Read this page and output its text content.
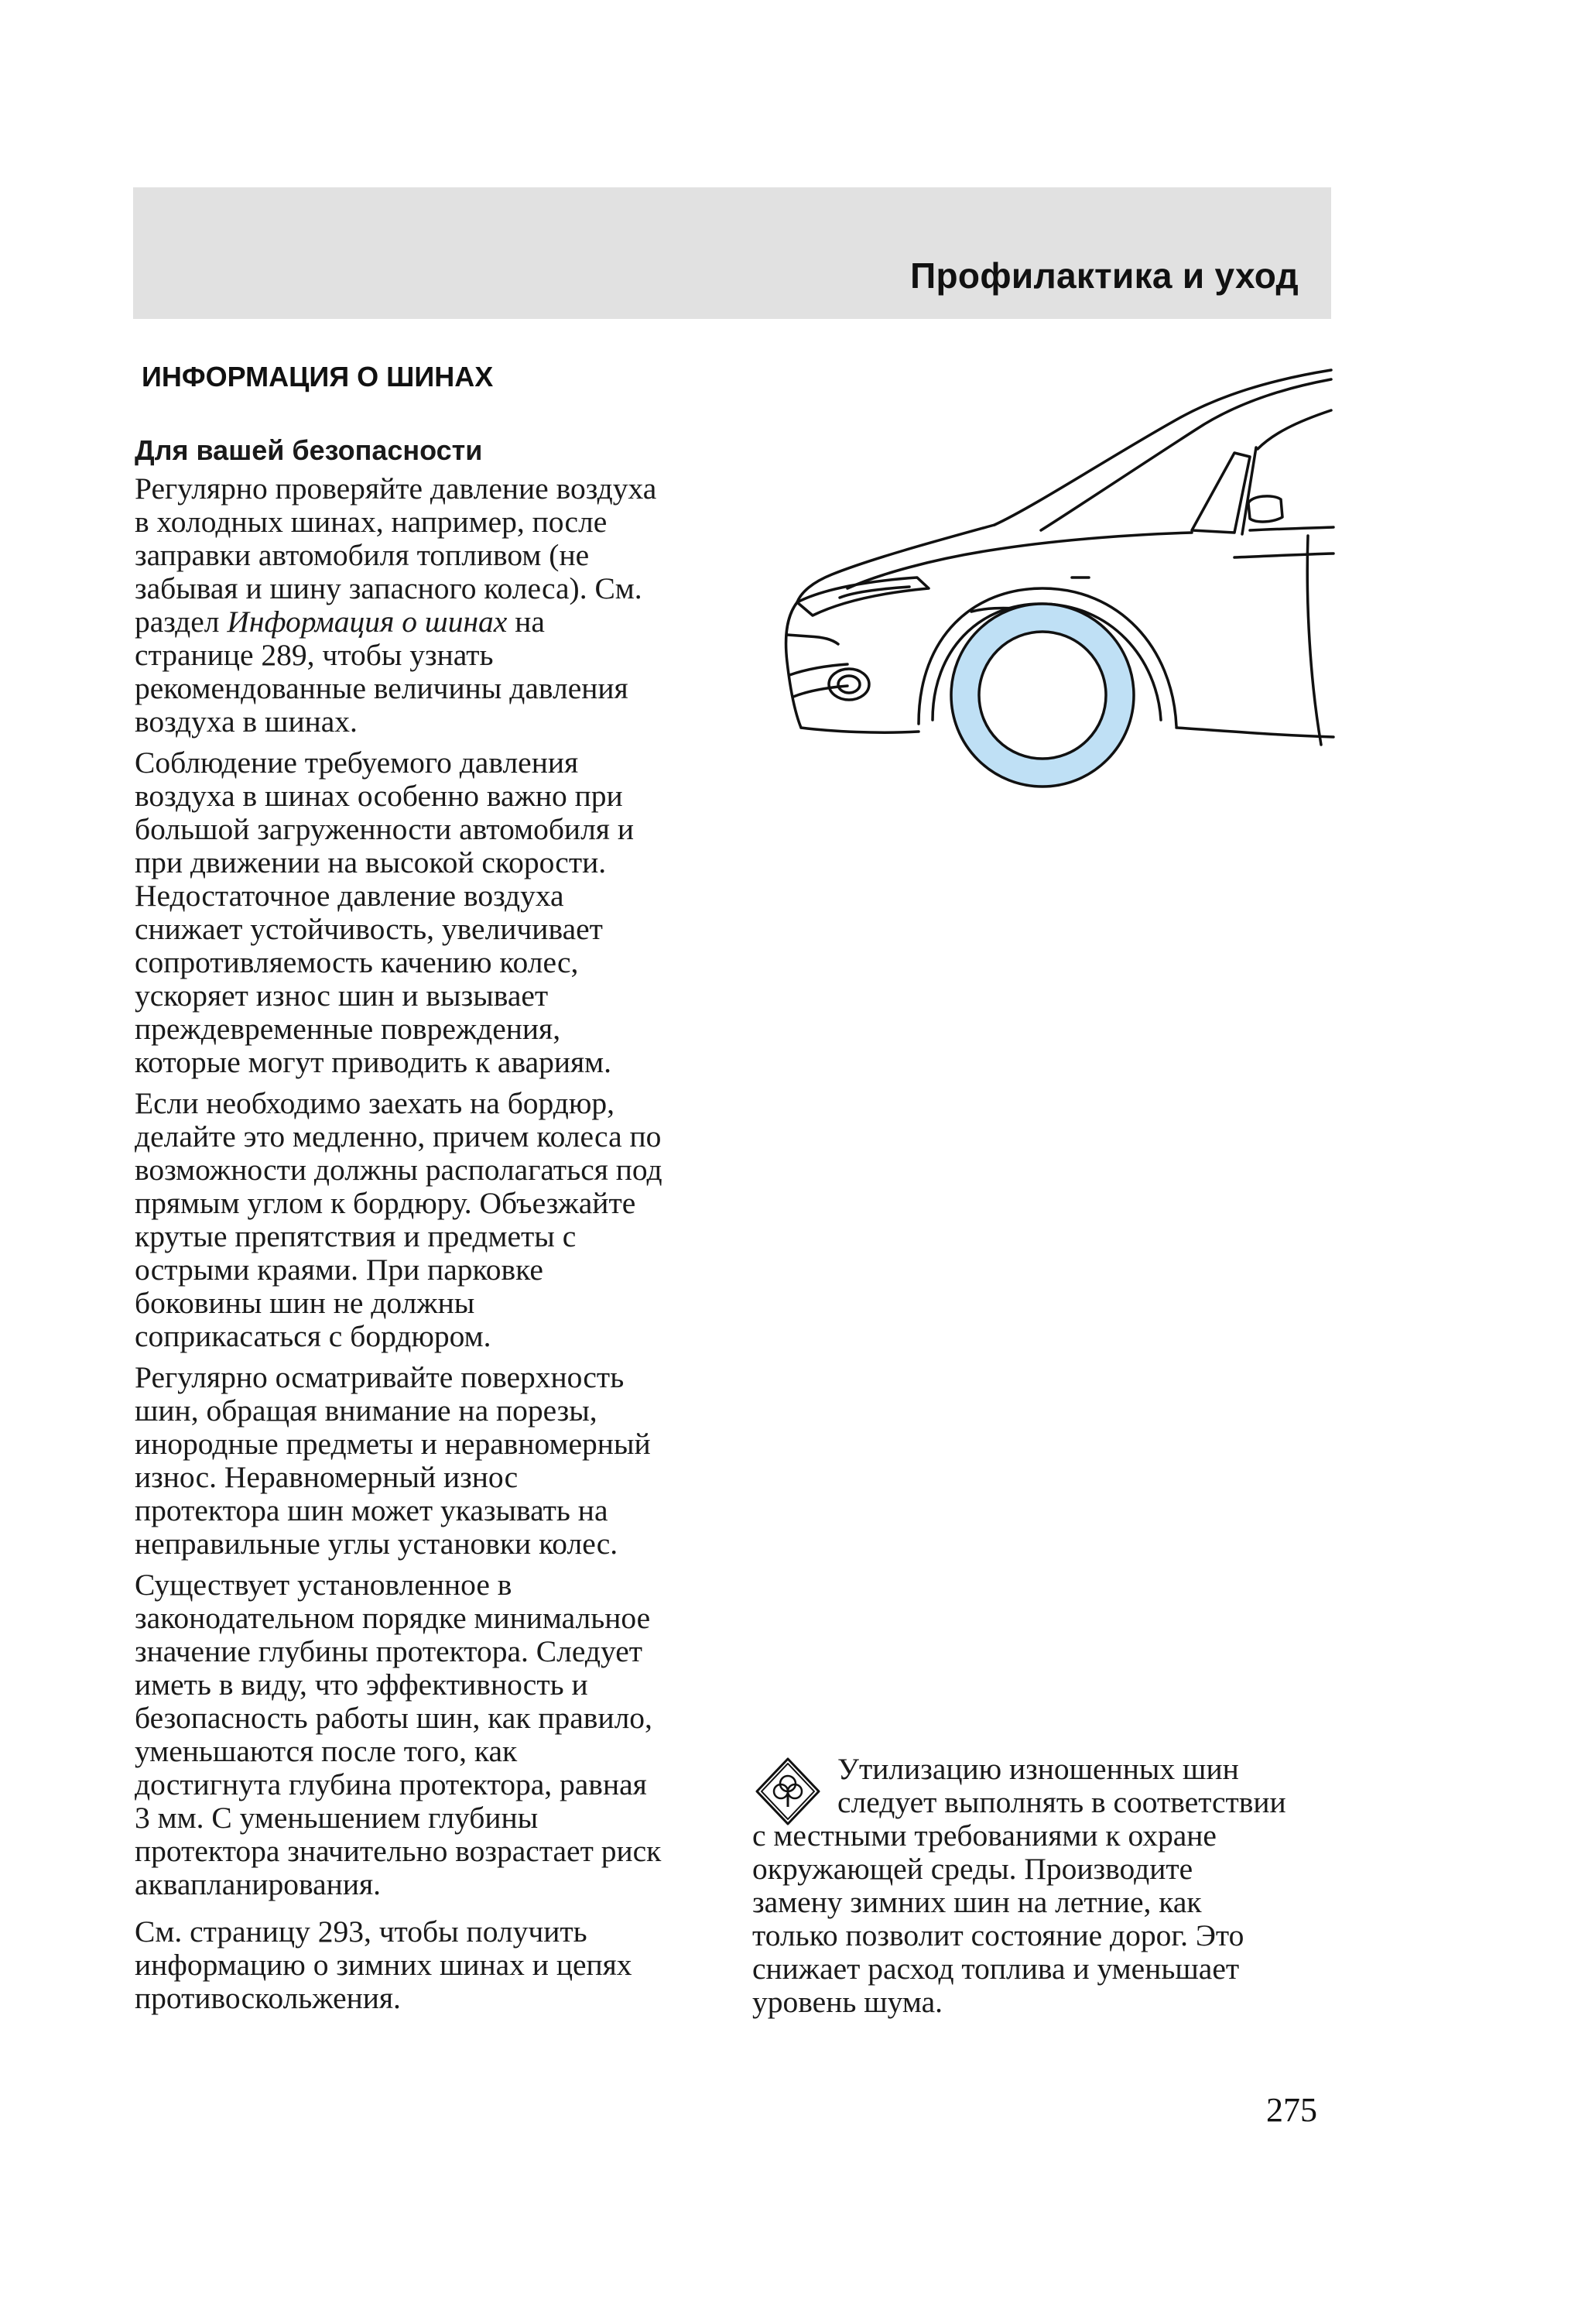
Профилактика и уход
ИНФОРМАЦИЯ О ШИНАХ
Для вашей безопасности
Регулярно проверяйте давление воздуха
в холодных шинах, например, после
заправки автомобиля топливом (не
забывая и шину запасного колеса). См.
раздел Информация о шинах на
странице 289, чтобы узнать
рекомендованные величины давления
воздуха в шинах.
Соблюдение требуемого давления
воздуха в шинах особенно важно при
большой загруженности автомобиля и
при движении на высокой скорости.
Недостаточное давление воздуха
снижает устойчивость, увеличивает
сопротивляемость качению колес,
ускоряет износ шин и вызывает
преждевременные повреждения,
которые могут приводить к авариям.
Если необходимо заехать на бордюр,
делайте это медленно, причем колеса по
возможности должны располагаться под
прямым углом к бордюру. Объезжайте
крутые препятствия и предметы с
острыми краями. При парковке
боковины шин не должны
соприкасаться с бордюром.
Регулярно осматривайте поверхность
шин, обращая внимание на порезы,
инородные предметы и неравномерный
износ. Неравномерный износ
протектора шин может указывать на
неправильные углы установки колес.
Существует установленное в
законодательном порядке минимальное
значение глубины протектора. Следует
иметь в виду, что эффективность и
безопасность работы шин, как правило,
уменьшаются после того, как
достигнута глубина протектора, равная
3 мм. С уменьшением глубины
протектора значительно возрастает риск
аквапланирования.
См. страницу 293, чтобы получить
информацию о зимних шинах и цепях
противоскольжения.
Утилизацию изношенных шин
следует выполнять в соответствии
с местными требованиями к охране
окружающей среды. Производите
замену зимних шин на летние, как
только позволит состояние дорог. Это
снижает расход топлива и уменьшает
уровень шума.
275
